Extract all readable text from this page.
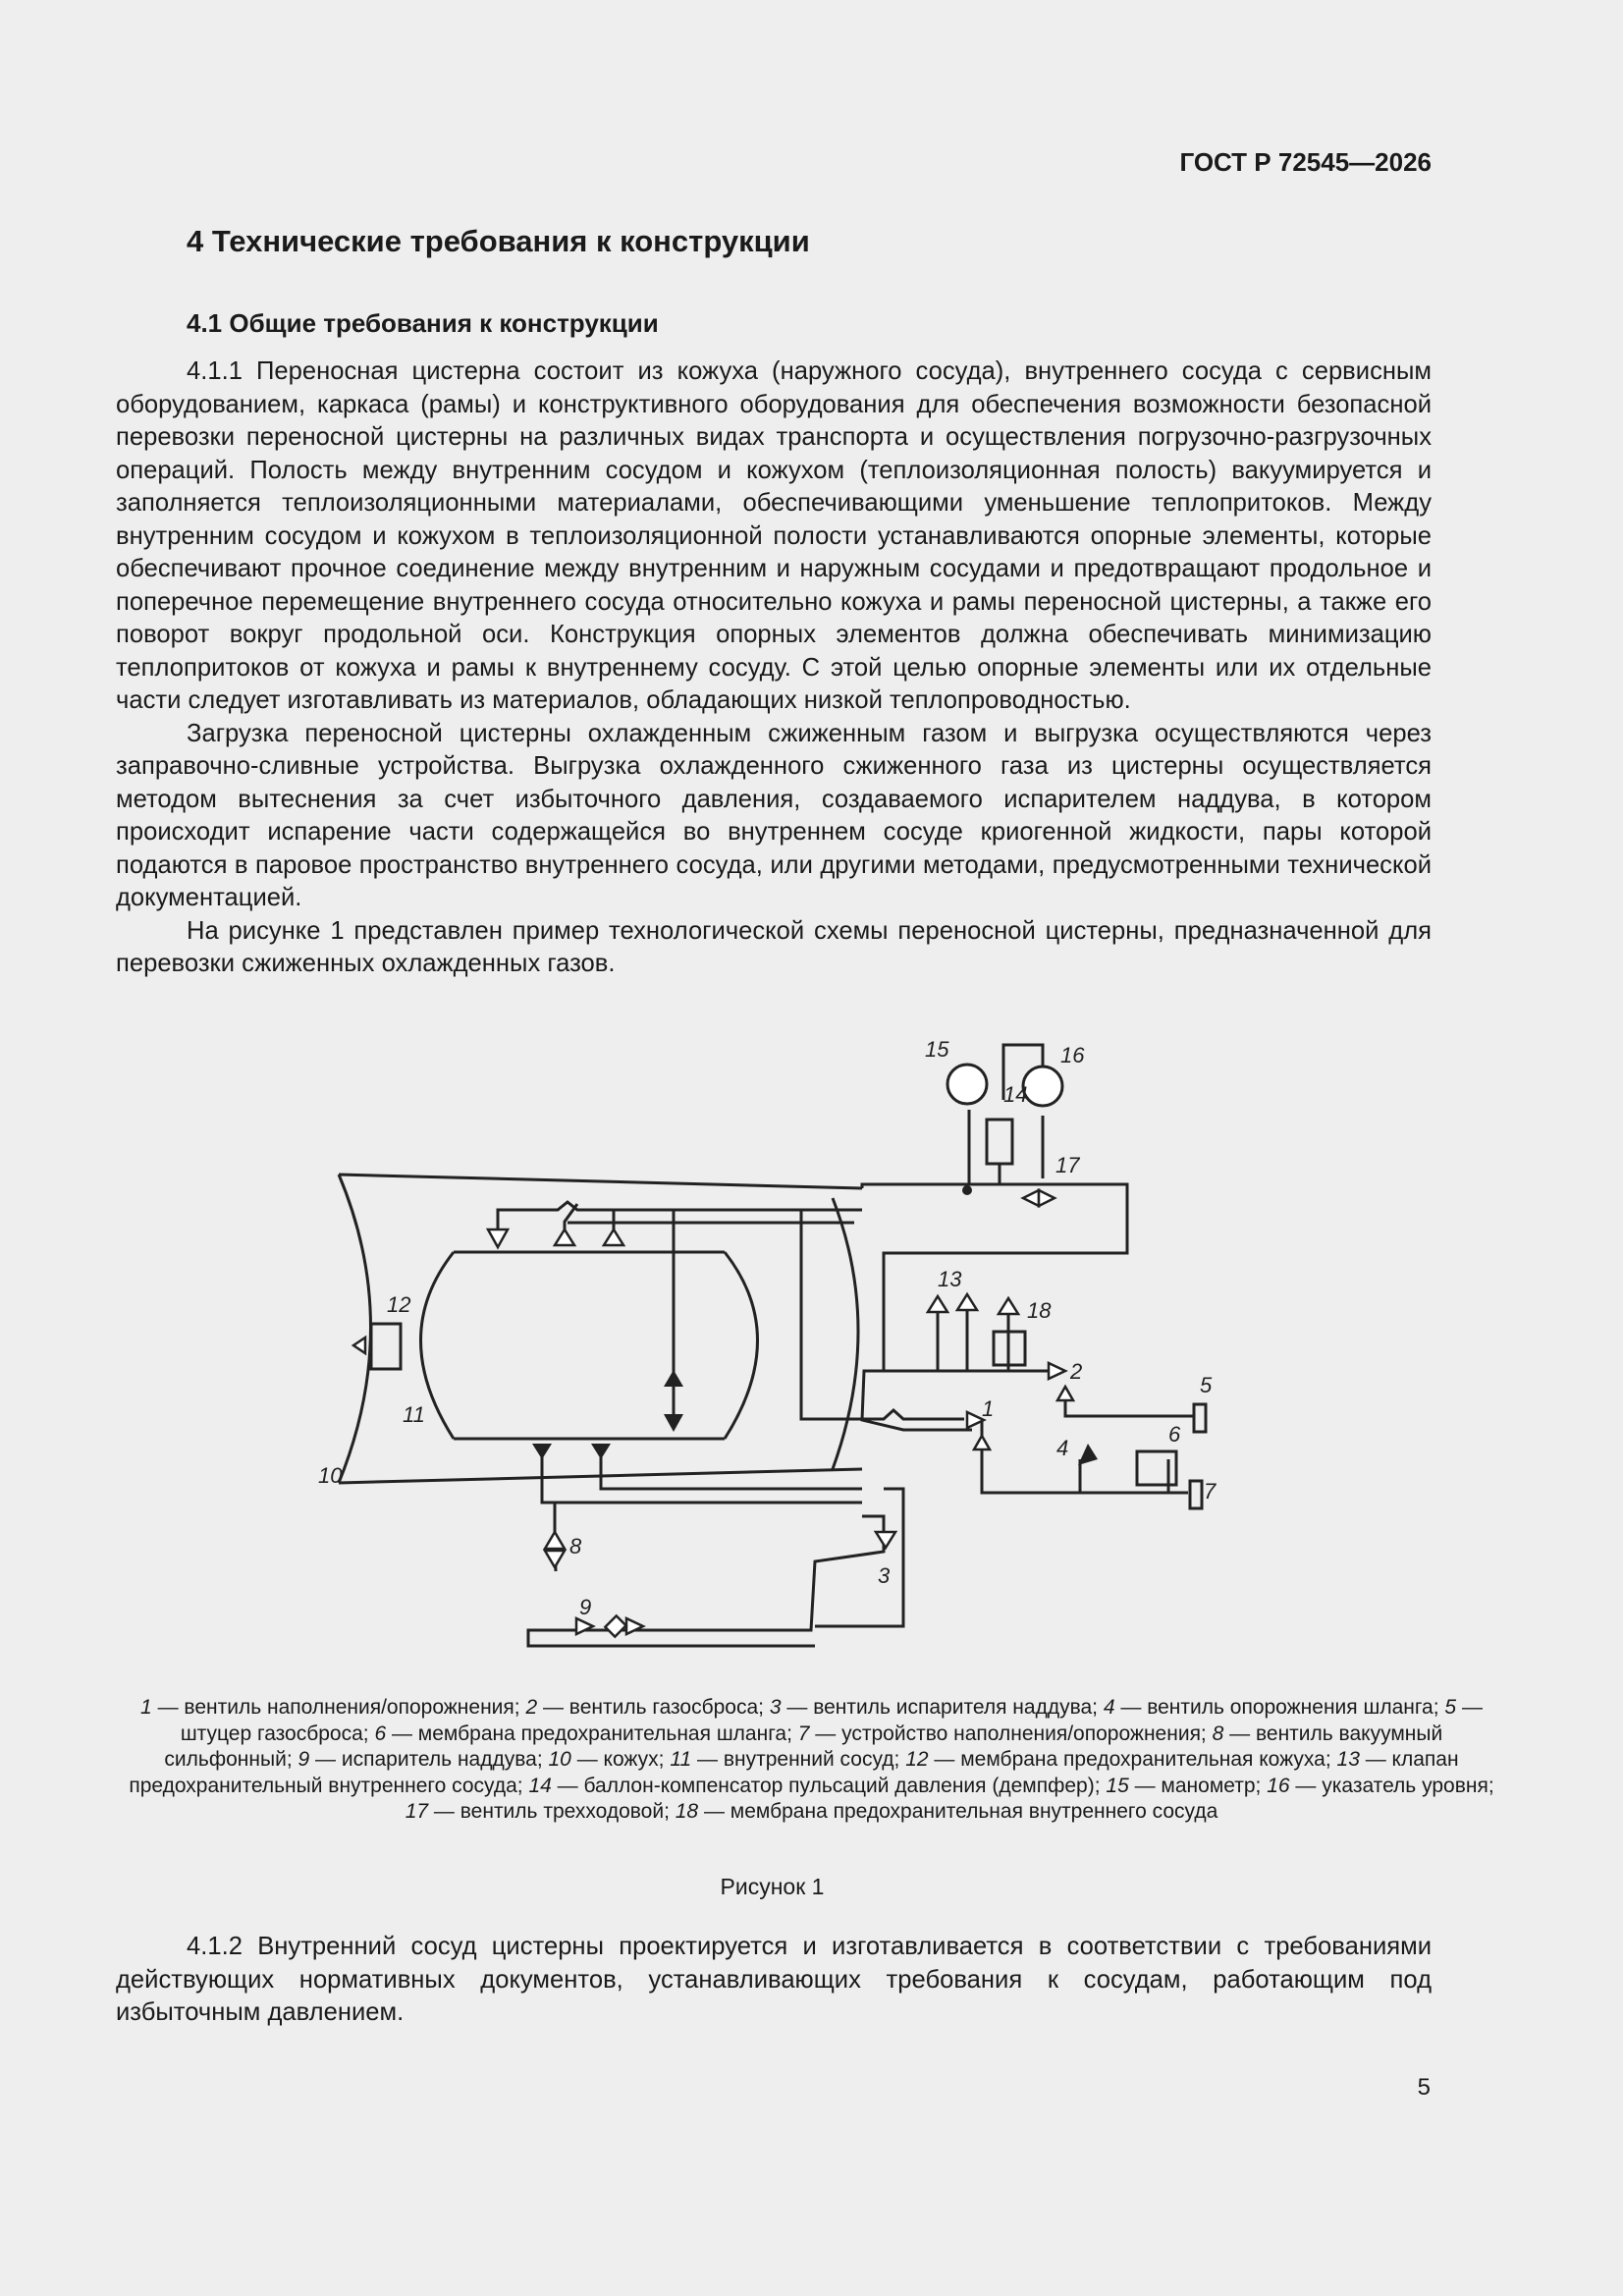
ГОСТ Р 72545—2026
4 Технические требования к конструкции
4.1 Общие требования к конструкции

4.1.1 Переносная цистерна состоит из кожуха (наружного сосуда), внутреннего сосуда с сервисным оборудованием, каркаса (рамы) и конструктивного оборудования для обеспечения возможности безопасной перевозки переносной цистерны на различных видах транспорта и осуществления погрузочно-разгрузочных операций. Полость между внутренним сосудом и кожухом (теплоизоляционная полость) вакуумируется и заполняется теплоизоляционными материалами, обеспечивающими уменьшение теплопритоков. Между внутренним сосудом и кожухом в теплоизоляционной полости устанавливаются опорные элементы, которые обеспечивают прочное соединение между внутренним и наружным сосудами и предотвращают продольное и поперечное перемещение внутреннего сосуда относительно кожуха и рамы переносной цистерны, а также его поворот вокруг продольной оси. Конструкция опорных элементов должна обеспечивать минимизацию теплопритоков от кожуха и рамы к внутреннему сосуду. С этой целью опорные элементы или их отдельные части следует изготавливать из материалов, обладающих низкой теплопроводностью.

Загрузка переносной цистерны охлажденным сжиженным газом и выгрузка осуществляются через заправочно-сливные устройства. Выгрузка охлажденного сжиженного газа из цистерны осуществляется методом вытеснения за счет избыточного давления, создаваемого испарителем наддува, в котором происходит испарение части содержащейся во внутреннем сосуде криогенной жидкости, пары которой подаются в паровое пространство внутреннего сосуда, или другими методами, предусмотренными технической документацией.

На рисунке 1 представлен пример технологической схемы переносной цистерны, предназначенной для перевозки сжиженных охлажденных газов.

15	16
14
17
13
18
12
2
5
1
11
6
4
10
7
8
3
9
1 — вентиль наполнения/опорожнения; 2 — вентиль газосброса; 3 — вентиль испарителя наддува; 4 — вентиль опорожнения шланга; 5 — штуцер газосброса; 6 — мембрана предохранительная шланга; 7 — устройство наполнения/опорожнения; 8 — вентиль вакуумный сильфонный; 9 — испаритель наддува; 10 — кожух; 11 — внутренний сосуд; 12 — мембрана предохранительная кожуха; 13 — клапан предохранительный внутреннего сосуда; 14 — баллон-компенсатор пульсаций давления (демпфер); 15 — манометр; 16 — указатель уровня; 17 — вентиль трехходовой; 18 — мембрана предохранительная внутреннего сосуда
Рисунок 1

4.1.2 Внутренний сосуд цистерны проектируется и изготавливается в соответствии с требованиями действующих нормативных документов, устанавливающих требования к сосудам, работающим под избыточным давлением.

5
